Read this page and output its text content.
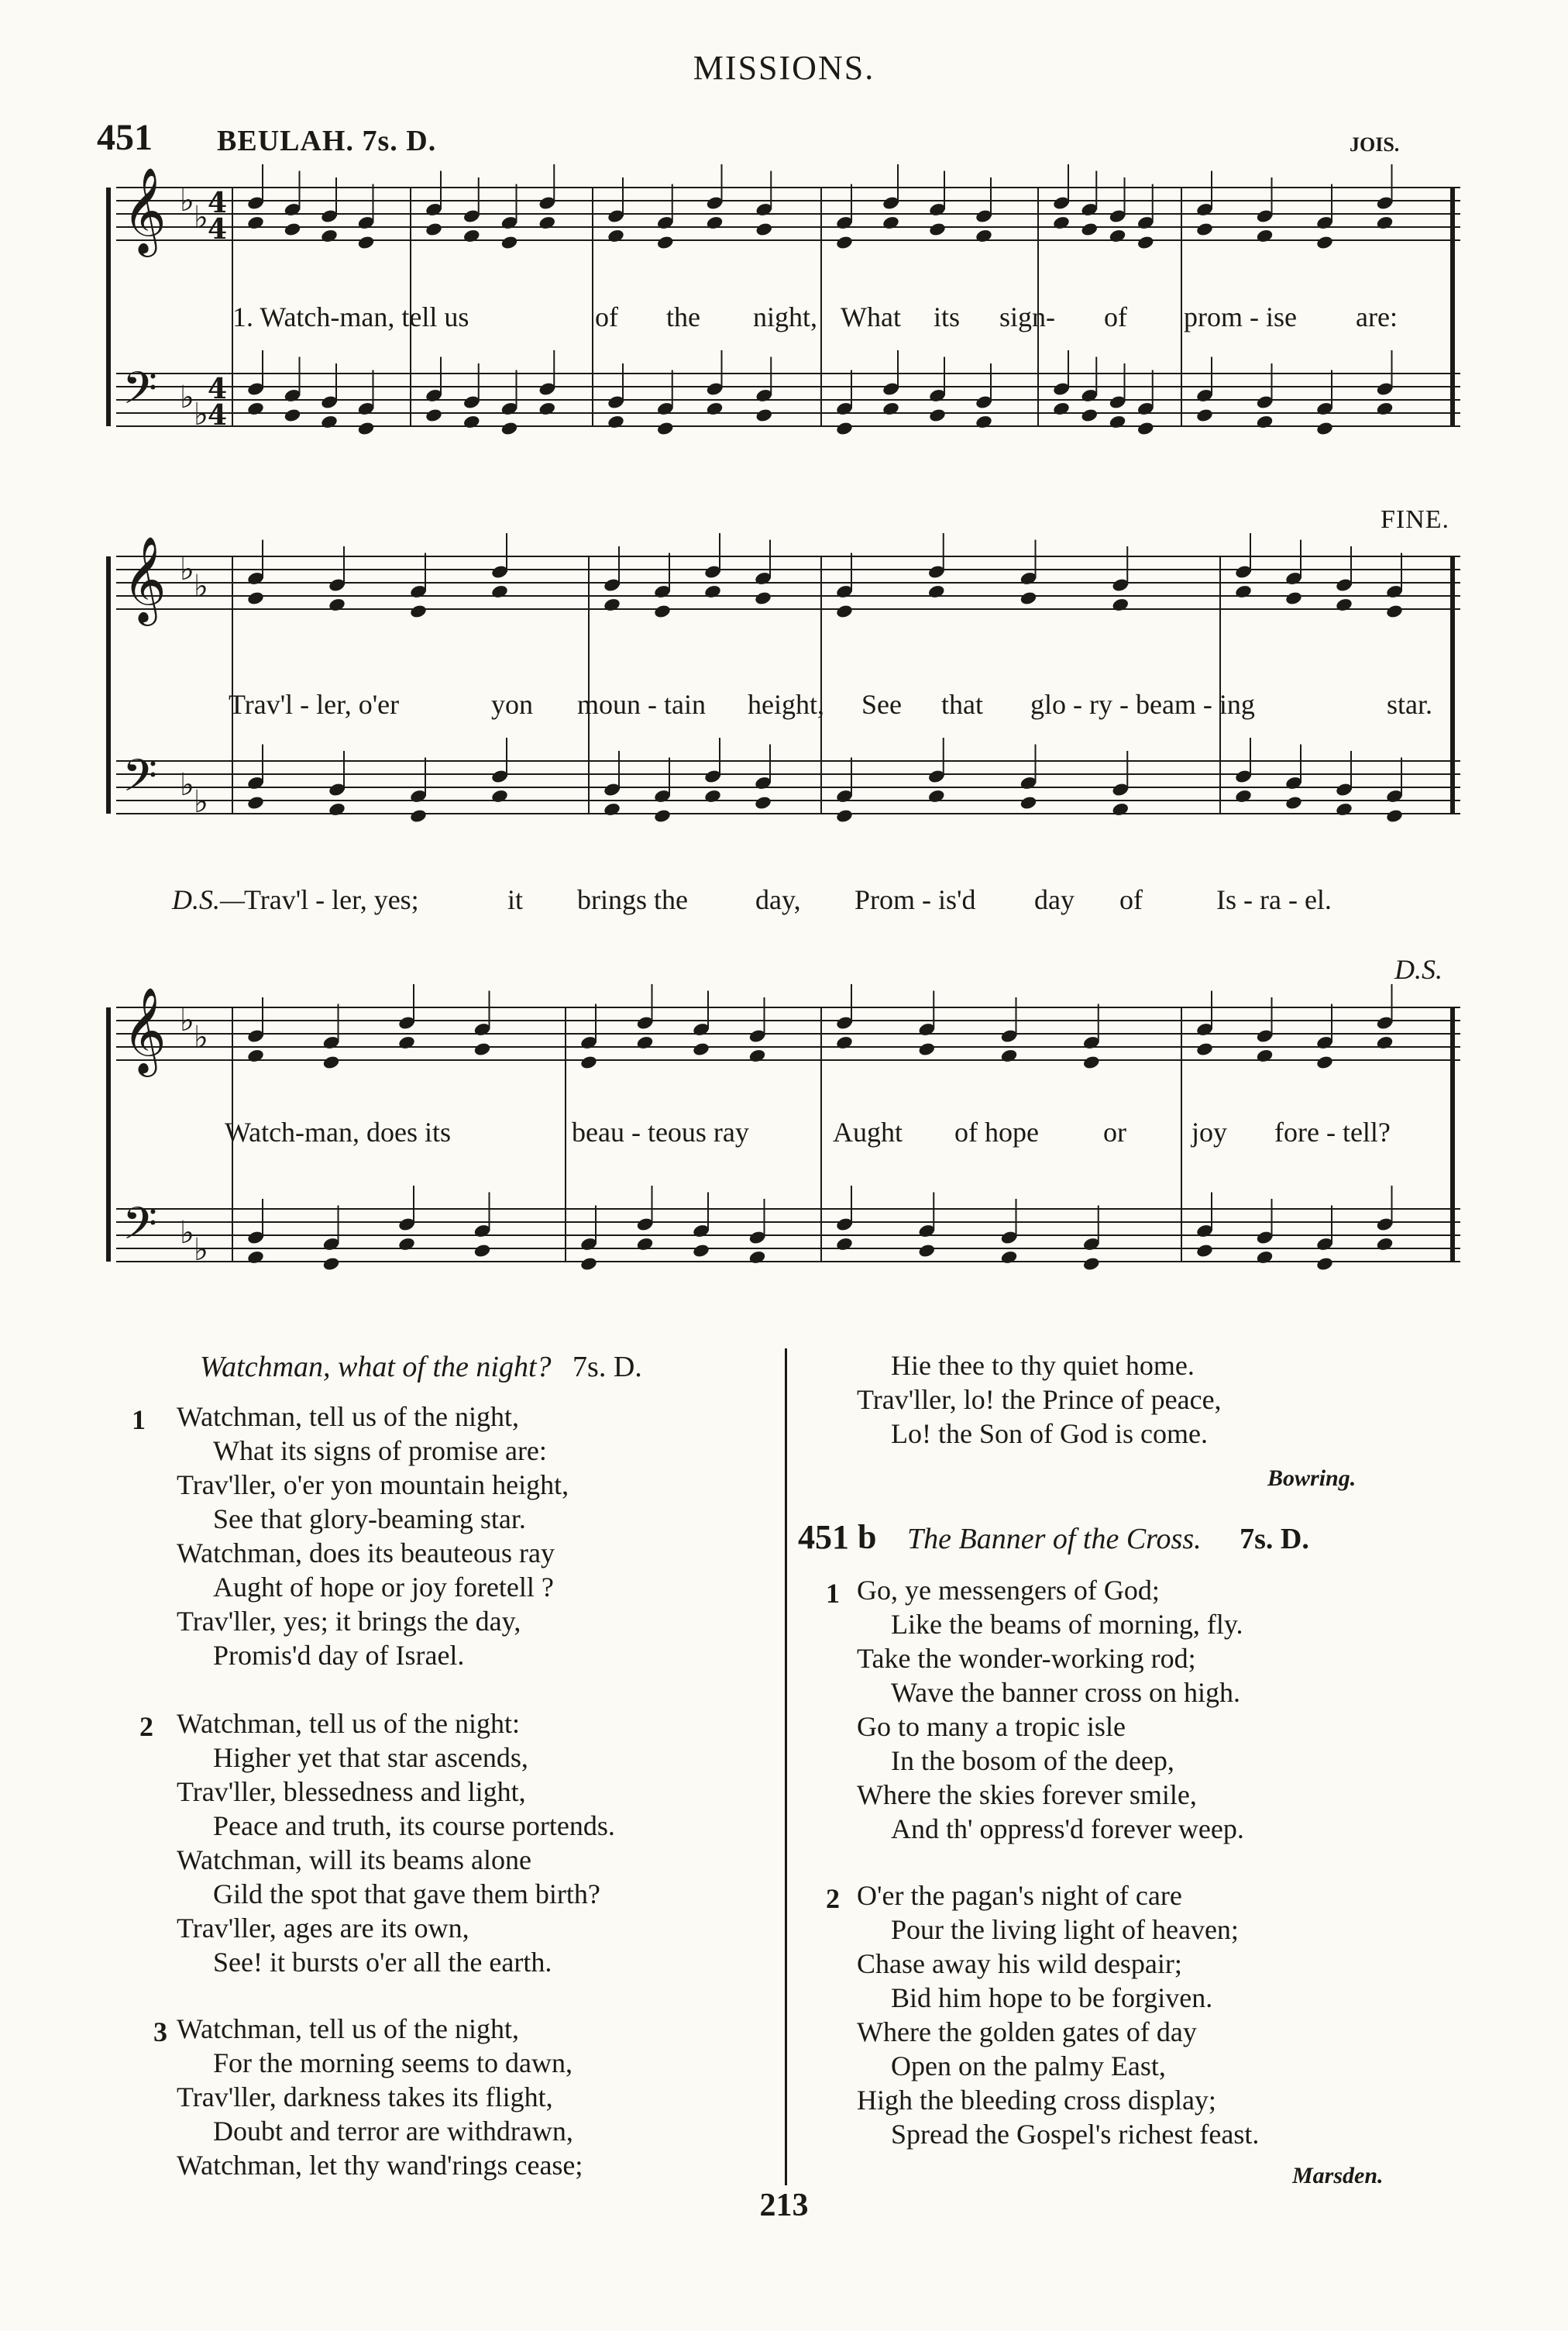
MISSIONS.
451 BEULAH. 7s. D.	JOIS.
FINE.
D.S.
𝄞 ♭ ♭ 4
4
𝄢 ♭ ♭
4
4
𝄞 ♭ ♭
𝄢 ♭ ♭
𝄞 ♭ ♭
𝄢 ♭ ♭
1. Watch-man, tell us	of the night, What its sign- of prom - ise are:
Trav'l - ler, o'er	yon moun - tain height, See that glo - ry - beam - ing	star.
D.S.—
Trav'l - ler, yes;	it brings the day, Prom - is'd day of	Is - ra - el.
Watch-man, does its	beau - teous ray	Aught of hope or joy fore - tell?
Watchman, what of the night? 7s. D.
1 Watchman, tell us of the night,
What its signs of promise are:
Trav'ller, o'er yon mountain height,
See that glory-beaming star.
Watchman, does its beauteous ray
Aught of hope or joy foretell ?
Trav'ller, yes; it brings the day,
Promis'd day of Israel.
2 Watchman, tell us of the night:
Higher yet that star ascends,
Trav'ller, blessedness and light,
Peace and truth, its course portends.
Watchman, will its beams alone
Gild the spot that gave them birth?
Trav'ller, ages are its own,
See! it bursts o'er all the earth.
3 Watchman, tell us of the night,
For the morning seems to dawn,
Trav'ller, darkness takes its flight,
Doubt and terror are withdrawn,
Watchman, let thy wand'rings cease;
Hie thee to thy quiet home.
Trav'ller, lo! the Prince of peace,
Lo! the Son of God is come.
Bowring.
451 b The Banner of the Cross. 7s. D.
1 Go, ye messengers of God;
Like the beams of morning, fly.
Take the wonder-working rod;
Wave the banner cross on high.
Go to many a tropic isle
In the bosom of the deep,
Where the skies forever smile,
And th' oppress'd forever weep.
2 O'er the pagan's night of care
Pour the living light of heaven;
Chase away his wild despair;
Bid him hope to be forgiven.
Where the golden gates of day
Open on the palmy East,
High the bleeding cross display;
Spread the Gospel's richest feast.
Marsden.
213
